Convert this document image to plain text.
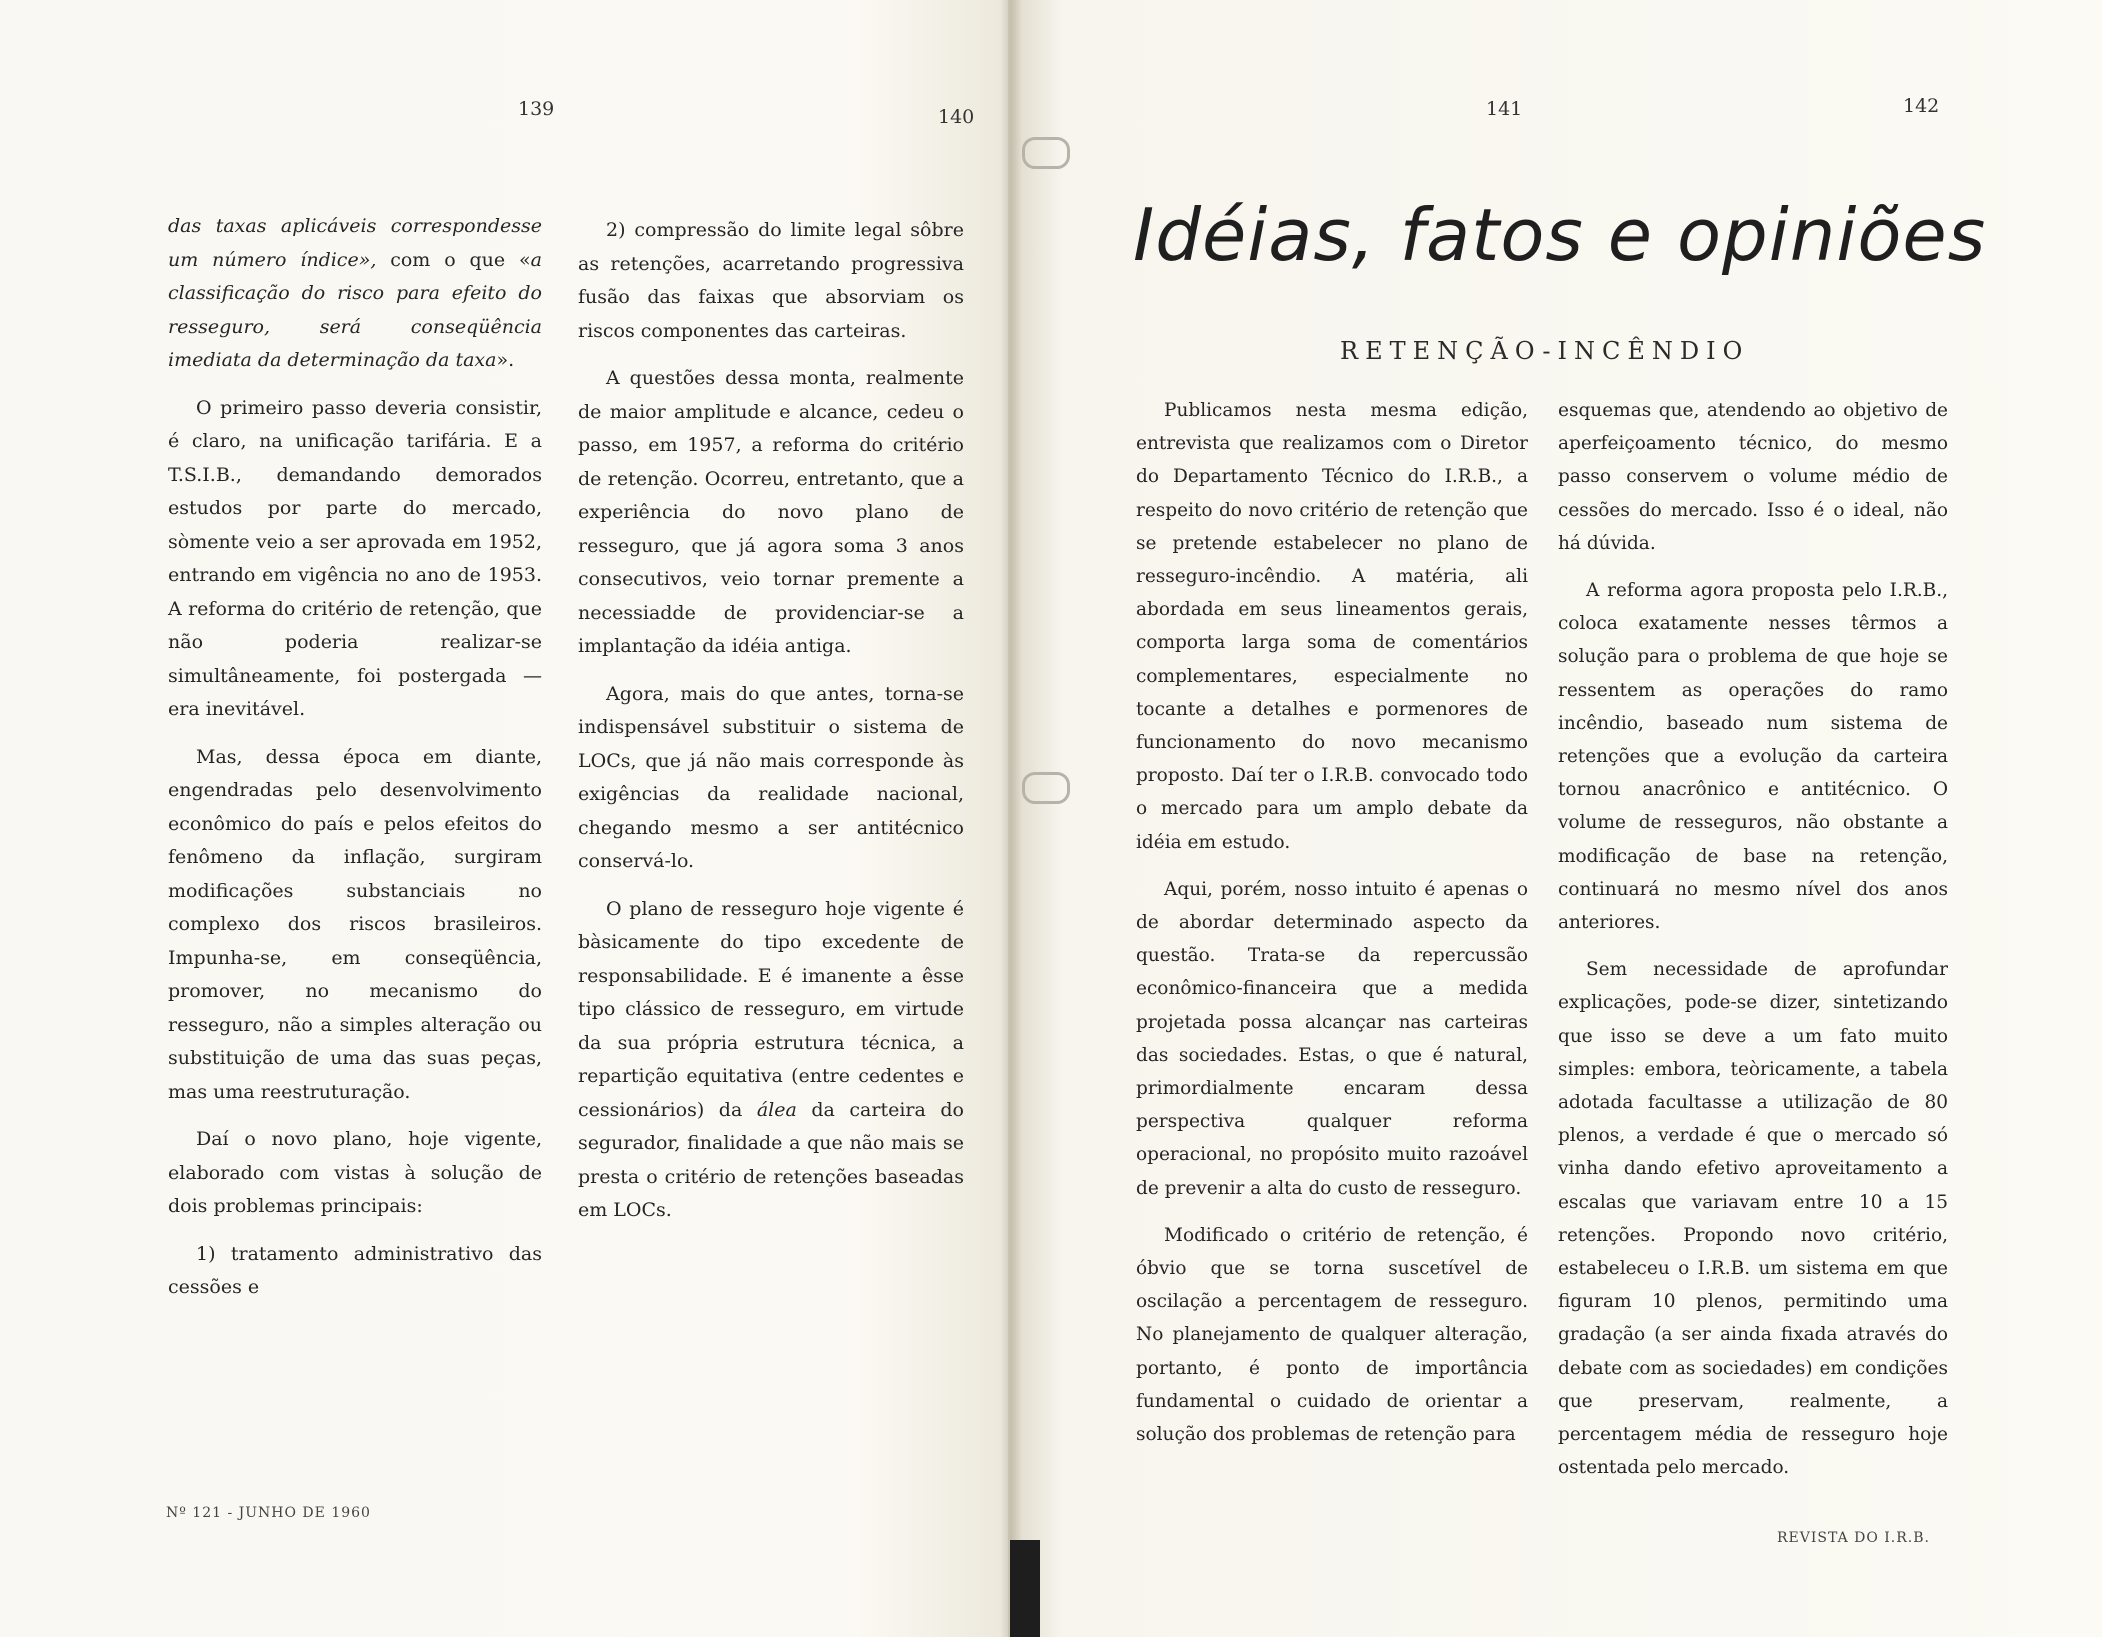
139	140	141	142

das taxas aplicáveis correspondesse um número índice», com o que «a classificação do risco para efeito do resseguro, será conseqüência imediata da determinação da taxa».

O primeiro passo deveria consistir, é claro, na unificação tarifária. E a T.S.I.B., demandando demorados estudos por parte do mercado, sòmente veio a ser aprovada em 1952, entrando em vigência no ano de 1953. A reforma do critério de retenção, que não poderia realizar-se simultâneamente, foi postergada — era inevitável.

Mas, dessa época em diante, engendradas pelo desenvolvimento econômico do país e pelos efeitos do fenômeno da inflação, surgiram modificações substanciais no complexo dos riscos brasileiros. Impunha-se, em conseqüência, promover, no mecanismo do resseguro, não a simples alteração ou substituição de uma das suas peças, mas uma reestruturação.

Daí o novo plano, hoje vigente, elaborado com vistas à solução de dois problemas principais:

1) tratamento administrativo das cessões e

2) compressão do limite legal sôbre as retenções, acarretando progressiva fusão das faixas que absorviam os riscos componentes das carteiras.

A questões dessa monta, realmente de maior amplitude e alcance, cedeu o passo, em 1957, a reforma do critério de retenção. Ocorreu, entretanto, que a experiência do novo plano de resseguro, que já agora soma 3 anos consecutivos, veio tornar premente a necessiadde de providenciar-se a implantação da idéia antiga.

Agora, mais do que antes, torna-se indispensável substituir o sistema de LOCs, que já não mais corresponde às exigências da realidade nacional, chegando mesmo a ser antitécnico conservá-lo.

O plano de resseguro hoje vigente é bàsicamente do tipo excedente de responsabilidade. E é imanente a êsse tipo clássico de resseguro, em virtude da sua própria estrutura técnica, a repartição equitativa (entre cedentes e cessionários) da álea da carteira do segurador, finalidade a que não mais se presta o critério de retenções baseadas em LOCs.

Idéias, fatos e opiniões
RETENÇÃO-INCÊNDIO

Publicamos nesta mesma edição, entrevista que realizamos com o Diretor do Departamento Técnico do I.R.B., a respeito do novo critério de retenção que se pretende estabelecer no plano de resseguro-incêndio. A matéria, ali abordada em seus lineamentos gerais, comporta larga soma de comentários complementares, especialmente no tocante a detalhes e pormenores de funcionamento do novo mecanismo proposto. Daí ter o I.R.B. convocado todo o mercado para um amplo debate da idéia em estudo.

Aqui, porém, nosso intuito é apenas o de abordar determinado aspecto da questão. Trata-se da repercussão econômico-financeira que a medida projetada possa alcançar nas carteiras das sociedades. Estas, o que é natural, primordialmente encaram dessa perspectiva qualquer reforma operacional, no propósito muito razoável de prevenir a alta do custo de resseguro.

Modificado o critério de retenção, é óbvio que se torna suscetível de oscilação a percentagem de resseguro. No planejamento de qualquer alteração, portanto, é ponto de importância fundamental o cuidado de orientar a solução dos problemas de retenção para

esquemas que, atendendo ao objetivo de aperfeiçoamento técnico, do mesmo passo conservem o volume médio de cessões do mercado. Isso é o ideal, não há dúvida.

A reforma agora proposta pelo I.R.B., coloca exatamente nesses têrmos a solução para o problema de que hoje se ressentem as operações do ramo incêndio, baseado num sistema de retenções que a evolução da carteira tornou anacrônico e antitécnico. O volume de resseguros, não obstante a modificação de base na retenção, continuará no mesmo nível dos anos anteriores.

Sem necessidade de aprofundar explicações, pode-se dizer, sintetizando que isso se deve a um fato muito simples: embora, teòricamente, a tabela adotada facultasse a utilização de 80 plenos, a verdade é que o mercado só vinha dando efetivo aproveitamento a escalas que variavam entre 10 a 15 retenções. Propondo novo critério, estabeleceu o I.R.B. um sistema em que figuram 10 plenos, permitindo uma gradação (a ser ainda fixada através do debate com as sociedades) em condições que preservam, realmente, a percentagem média de resseguro hoje ostentada pelo mercado.

Nº 121 - JUNHO DE 1960
REVISTA DO I.R.B.
